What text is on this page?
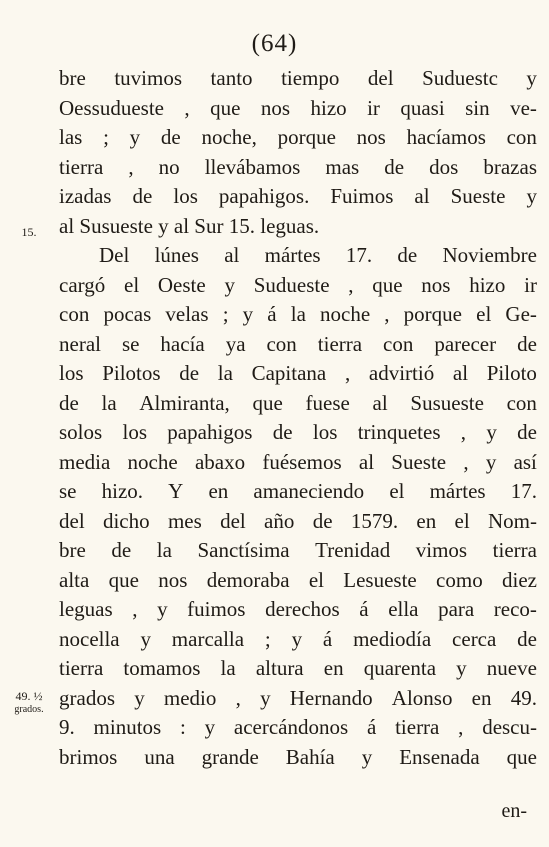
(64)
15.
49. ½
grados.
bre tuvimos tanto tiempo del Suduestc y
Oessudueste , que nos hizo ir quasi sin ve-
las ; y de noche, porque nos hacíamos con
tierra , no llevábamos mas de dos brazas
izadas de los papahigos. Fuimos al Sueste y
al Susueste y al Sur 15. leguas.
Del lúnes al mártes 17. de Noviembre
cargó el Oeste y Sudueste , que nos hizo ir
con pocas velas ; y á la noche , porque el Ge-
neral se hacía ya con tierra con parecer de
los Pilotos de la Capitana , advirtió al Piloto
de la Almiranta, que fuese al Susueste con
solos los papahigos de los trinquetes , y de
media noche abaxo fuésemos al Sueste , y así
se hizo. Y en amaneciendo el mártes 17.
del dicho mes del año de 1579. en el Nom-
bre de la Sanctísima Trenidad vimos tierra
alta que nos demoraba el Lesueste como diez
leguas , y fuimos derechos á ella para reco-
nocella y marcalla ; y á mediodía cerca de
tierra tomamos la altura en quarenta y nueve
grados y medio , y Hernando Alonso en 49.
9. minutos : y acercándonos á tierra , descu-
brimos una grande Bahía y Ensenada que
en-
